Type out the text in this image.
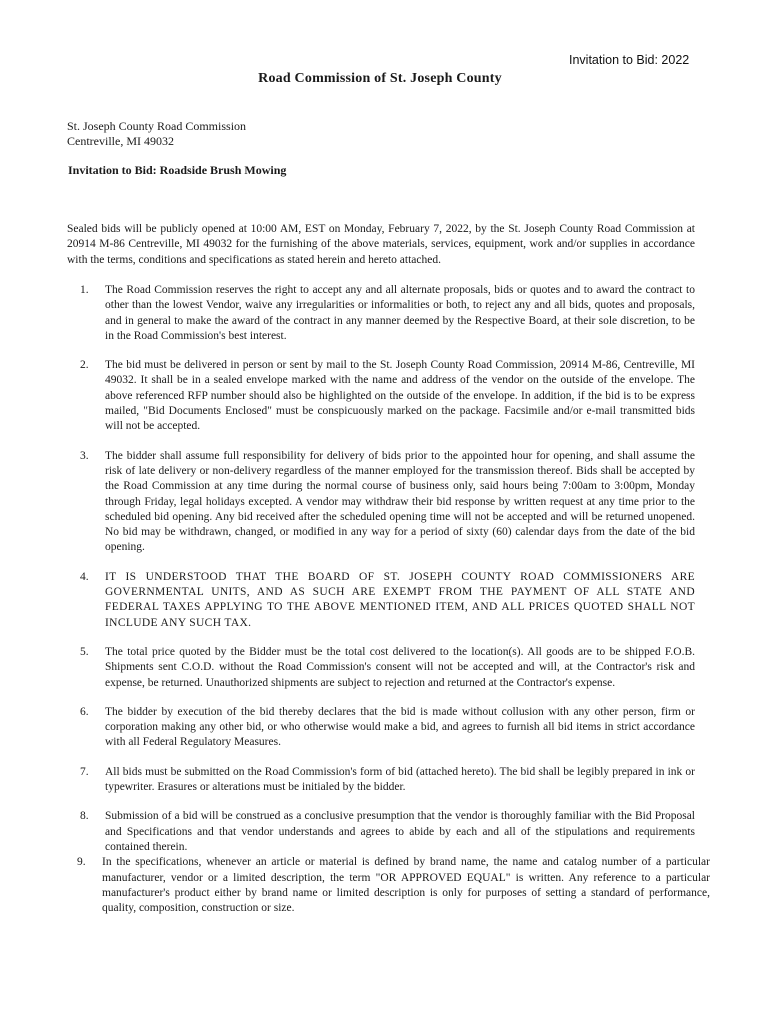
Invitation to Bid: 2022
Road Commission of St. Joseph County
St. Joseph County Road Commission
Centreville, MI 49032
Invitation to Bid: Roadside Brush Mowing
Sealed bids will be publicly opened at 10:00 AM, EST on Monday, February 7, 2022, by the St. Joseph County Road Commission at 20914 M-86 Centreville, MI 49032 for the furnishing of the above materials, services, equipment, work and/or supplies in accordance with the terms, conditions and specifications as stated herein and hereto attached.
1.	The Road Commission reserves the right to accept any and all alternate proposals, bids or quotes and to award the contract to other than the lowest Vendor, waive any irregularities or informalities or both, to reject any and all bids, quotes and proposals, and in general to make the award of the contract in any manner deemed by the Respective Board, at their sole discretion, to be in the Road Commission's best interest.
2.	The bid must be delivered in person or sent by mail to the St. Joseph County Road Commission, 20914 M-86, Centreville, MI 49032. It shall be in a sealed envelope marked with the name and address of the vendor on the outside of the envelope. The above referenced RFP number should also be highlighted on the outside of the envelope. In addition, if the bid is to be express mailed, "Bid Documents Enclosed" must be conspicuously marked on the package. Facsimile and/or e-mail transmitted bids will not be accepted.
3.	The bidder shall assume full responsibility for delivery of bids prior to the appointed hour for opening, and shall assume the risk of late delivery or non-delivery regardless of the manner employed for the transmission thereof. Bids shall be accepted by the Road Commission at any time during the normal course of business only, said hours being 7:00am to 3:00pm, Monday through Friday, legal holidays excepted. A vendor may withdraw their bid response by written request at any time prior to the scheduled bid opening. Any bid received after the scheduled opening time will not be accepted and will be returned unopened. No bid may be withdrawn, changed, or modified in any way for a period of sixty (60) calendar days from the date of the bid opening.
4.	IT IS UNDERSTOOD THAT THE BOARD OF ST. JOSEPH COUNTY ROAD COMMISSIONERS ARE GOVERNMENTAL UNITS, AND AS SUCH ARE EXEMPT FROM THE PAYMENT OF ALL STATE AND FEDERAL TAXES APPLYING TO THE ABOVE MENTIONED ITEM, AND ALL PRICES QUOTED SHALL NOT INCLUDE ANY SUCH TAX.
5.	The total price quoted by the Bidder must be the total cost delivered to the location(s). All goods are to be shipped F.O.B. Shipments sent C.O.D. without the Road Commission's consent will not be accepted and will, at the Contractor's risk and expense, be returned. Unauthorized shipments are subject to rejection and returned at the Contractor's expense.
6.	The bidder by execution of the bid thereby declares that the bid is made without collusion with any other person, firm or corporation making any other bid, or who otherwise would make a bid, and agrees to furnish all bid items in strict accordance with all Federal Regulatory Measures.
7.	All bids must be submitted on the Road Commission's form of bid (attached hereto). The bid shall be legibly prepared in ink or typewriter. Erasures or alterations must be initialed by the bidder.
8.	Submission of a bid will be construed as a conclusive presumption that the vendor is thoroughly familiar with the Bid Proposal and Specifications and that vendor understands and agrees to abide by each and all of the stipulations and requirements contained therein.
9.	In the specifications, whenever an article or material is defined by brand name, the name and catalog number of a particular manufacturer, vendor or a limited description, the term "OR APPROVED EQUAL" is written. Any reference to a particular manufacturer's product either by brand name or limited description is only for purposes of setting a standard of performance, quality, composition, construction or size.
